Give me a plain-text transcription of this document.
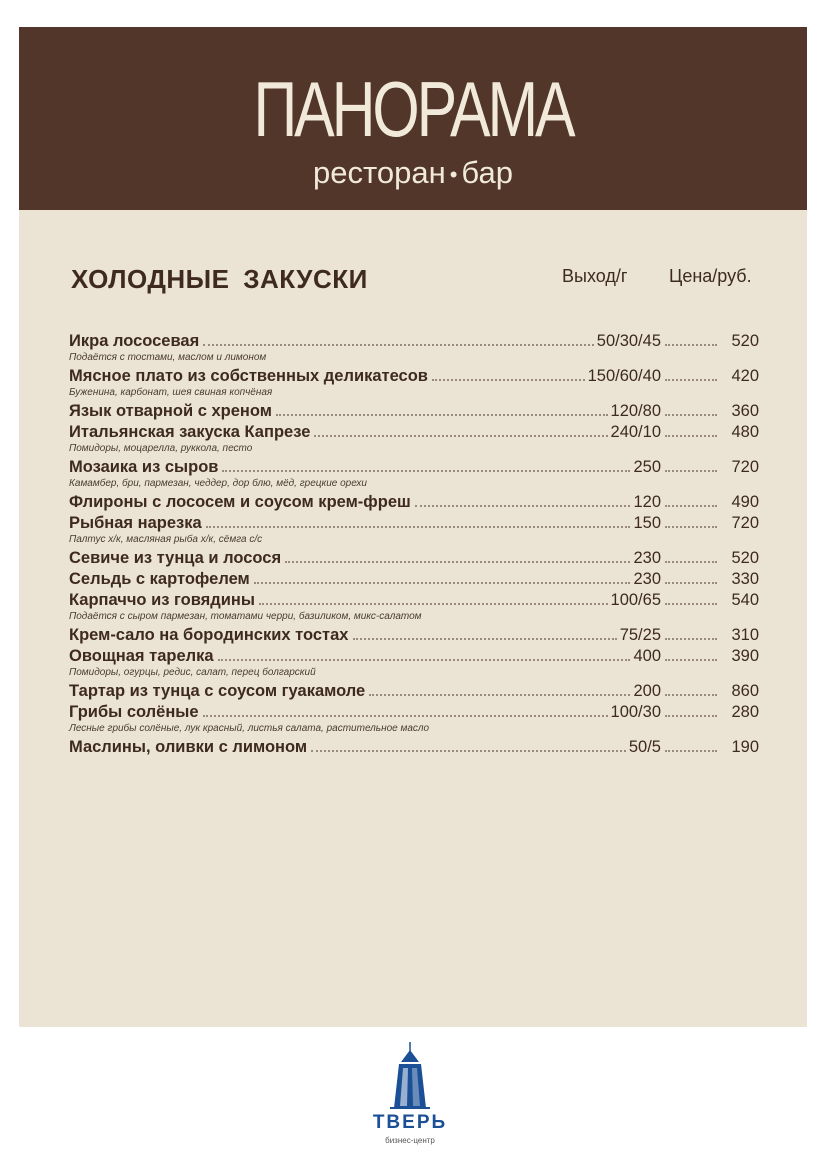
ПАНОРАМА
ресторан • бар
ХОЛОДНЫЕ ЗАКУСКИ	Выход/г Цена/руб.
Икра лососевая	50/30/45	520
Подаётся с тостами, маслом и лимоном
Мясное плато из собственных деликатесов	150/60/40	420
Буженина, карбонат, шея свиная копчёная
Язык отварной с хреном	120/80	360
Итальянская закуска Капрезе	240/10	480
Помидоры, моцарелла, руккола, песто
Мозаика из сыров	250	720
Камамбер, бри, пармезан, чеддер, дор блю, мёд, грецкие орехи
Флироны с лососем и соусом крем-фреш	120	490
Рыбная нарезка	150	720
Палтус х/к, масляная рыба х/к, сёмга с/с
Севиче из тунца и лосося	230	520
Сельдь с картофелем	230	330
Карпаччо из говядины	100/65	540
Подаётся с сыром пармезан, томатами черри, базиликом, микс-салатом
Крем-сало на бородинских тостах	75/25	310
Овощная тарелка	400	390
Помидоры, огурцы, редис, салат, перец болгарский
Тартар из тунца с соусом гуакамоле	200	860
Грибы солёные	100/30	280
Лесные грибы солёные, лук красный, листья салата, растительное масло
Маслины, оливки с лимоном	50/5	190
ТВЕРЬ
бизнес-центр
